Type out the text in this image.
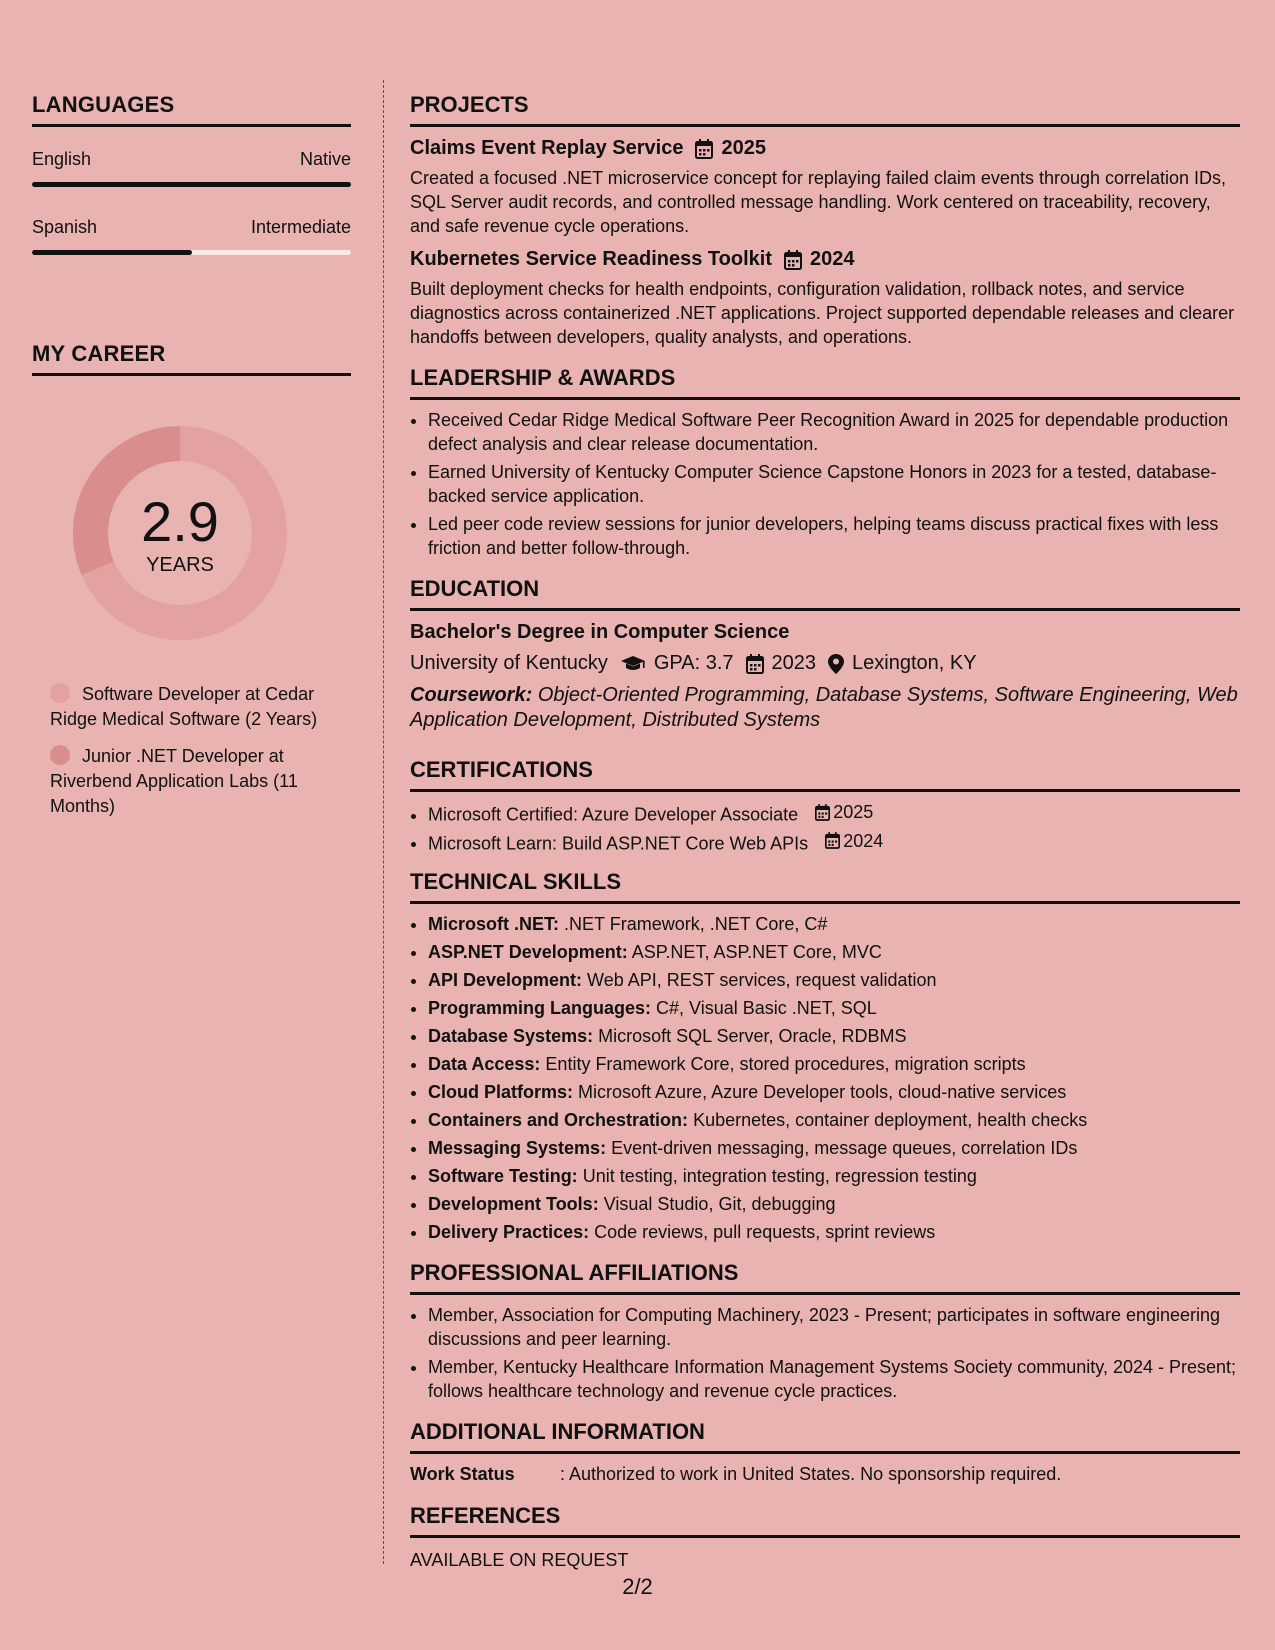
LANGUAGES
English	Native
Spanish	Intermediate
MY CAREER
2.9
YEARS
Software Developer at Cedar Ridge Medical Software (2 Years)
Junior .NET Developer at Riverbend Application Labs (11 Months)
PROJECTS
Claims Event Replay Service 2025
Created a focused .NET microservice concept for replaying failed claim events through correlation IDs, SQL Server audit records, and controlled message handling. Work centered on traceability, recovery, and safe revenue cycle operations.
Kubernetes Service Readiness Toolkit 2024
Built deployment checks for health endpoints, configuration validation, rollback notes, and service diagnostics across containerized .NET applications. Project supported dependable releases and clearer handoffs between developers, quality analysts, and operations.
LEADERSHIP & AWARDS
• Received Cedar Ridge Medical Software Peer Recognition Award in 2025 for dependable production defect analysis and clear release documentation.
• Earned University of Kentucky Computer Science Capstone Honors in 2023 for a tested, database-backed service application.
• Led peer code review sessions for junior developers, helping teams discuss practical fixes with less friction and better follow-through.
EDUCATION
Bachelor's Degree in Computer Science
University of Kentucky GPA: 3.7 2023 Lexington, KY
Coursework: Object-Oriented Programming, Database Systems, Software Engineering, Web Application Development, Distributed Systems
CERTIFICATIONS
• Microsoft Certified: Azure Developer Associate 2025
• Microsoft Learn: Build ASP.NET Core Web APIs 2024
TECHNICAL SKILLS
• Microsoft .NET: .NET Framework, .NET Core, C#
• ASP.NET Development: ASP.NET, ASP.NET Core, MVC
• API Development: Web API, REST services, request validation
• Programming Languages: C#, Visual Basic .NET, SQL
• Database Systems: Microsoft SQL Server, Oracle, RDBMS
• Data Access: Entity Framework Core, stored procedures, migration scripts
• Cloud Platforms: Microsoft Azure, Azure Developer tools, cloud-native services
• Containers and Orchestration: Kubernetes, container deployment, health checks
• Messaging Systems: Event-driven messaging, message queues, correlation IDs
• Software Testing: Unit testing, integration testing, regression testing
• Development Tools: Visual Studio, Git, debugging
• Delivery Practices: Code reviews, pull requests, sprint reviews
PROFESSIONAL AFFILIATIONS
• Member, Association for Computing Machinery, 2023 - Present; participates in software engineering discussions and peer learning.
• Member, Kentucky Healthcare Information Management Systems Society community, 2024 - Present; follows healthcare technology and revenue cycle practices.
ADDITIONAL INFORMATION
Work Status	: Authorized to work in United States. No sponsorship required.
REFERENCES
AVAILABLE ON REQUEST
2/2
